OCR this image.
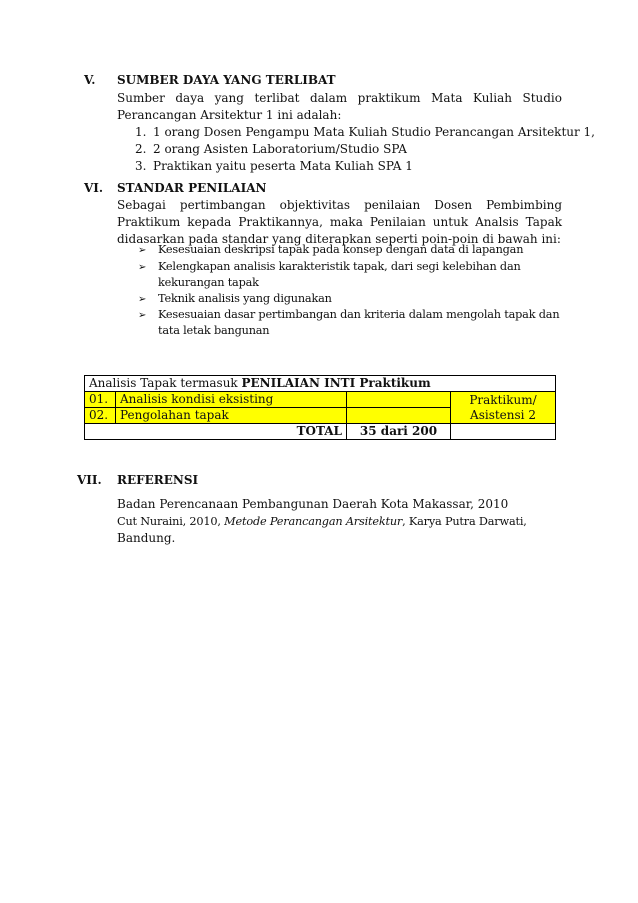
V. SUMBER DAYA YANG TERLIBAT
Sumber daya yang terlibat dalam praktikum Mata Kuliah Studio Perancangan Arsitektur 1 ini adalah:
1. 1 orang Dosen Pengampu Mata Kuliah Studio Perancangan Arsitektur 1,
2. 2 orang Asisten Laboratorium/Studio SPA
3. Praktikan yaitu peserta Mata Kuliah SPA 1
VI. STANDAR PENILAIAN
Sebagai pertimbangan objektivitas penilaian Dosen Pembimbing Praktikum kepada Praktikannya, maka Penilaian untuk Analsis Tapak didasarkan pada standar yang diterapkan seperti poin-poin di bawah ini:
➢ Kesesuaian deskripsi tapak pada konsep dengan data di lapangan
➢ Kelengkapan analisis karakteristik tapak, dari segi kelebihan dan
kekurangan tapak
➢ Teknik analisis yang digunakan
➢ Kesesuaian dasar pertimbangan dan kriteria dalam mengolah tapak dan
tata letak bangunan
Analisis Tapak termasuk PENILAIAN INTI Praktikum			
01.	Analisis kondisi eksisting		Praktikum/
Asistensi 2
02.	Pengolahan tapak		
TOTAL		35 dari 200	
VII. REFERENSI
Badan Perencanaan Pembangunan Daerah Kota Makassar, 2010
Cut Nuraini, 2010, Metode Perancangan Arsitektur, Karya Putra Darwati,
Bandung.
